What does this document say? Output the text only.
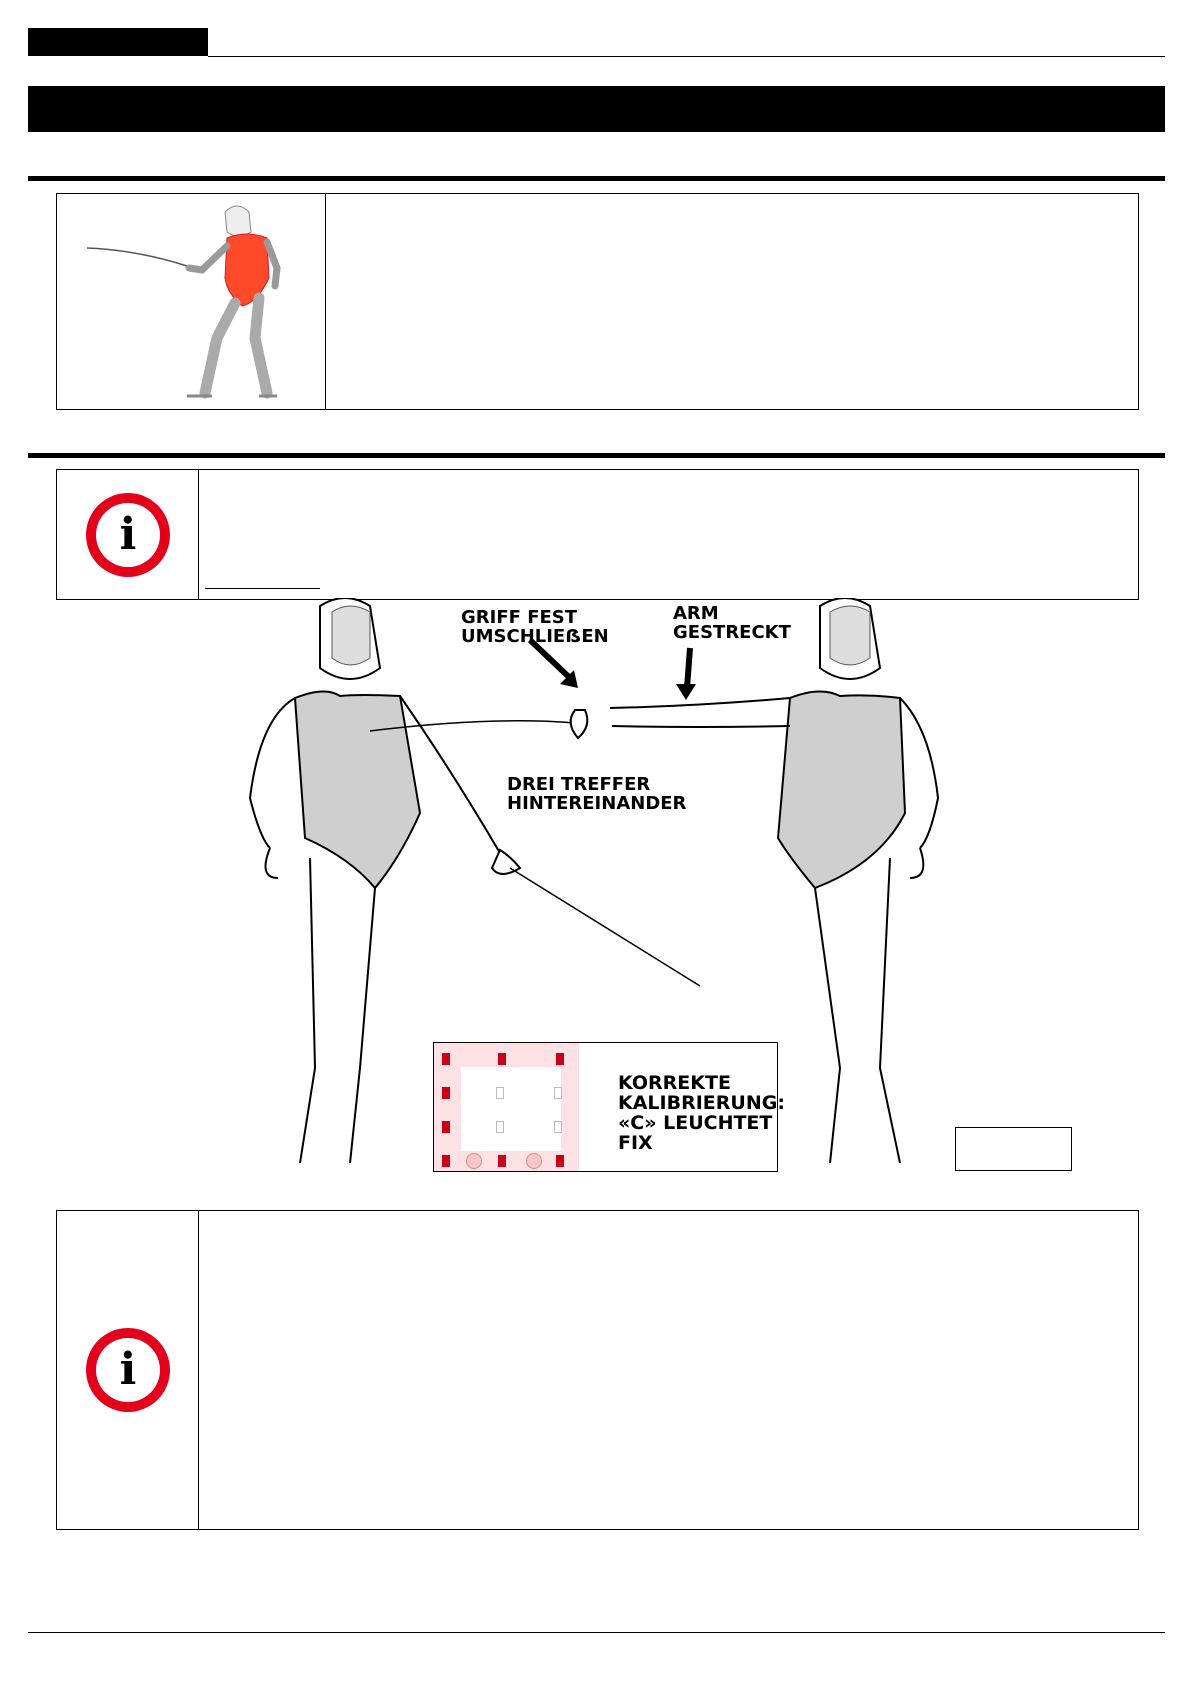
i
GRIFF FEST
UMSCHLIEẞEN
ARM
GESTRECKT
DREI TREFFER
HINTEREINANDER
KORREKTE
KALIBRIERUNG:
«C» LEUCHTET
FIX
i
